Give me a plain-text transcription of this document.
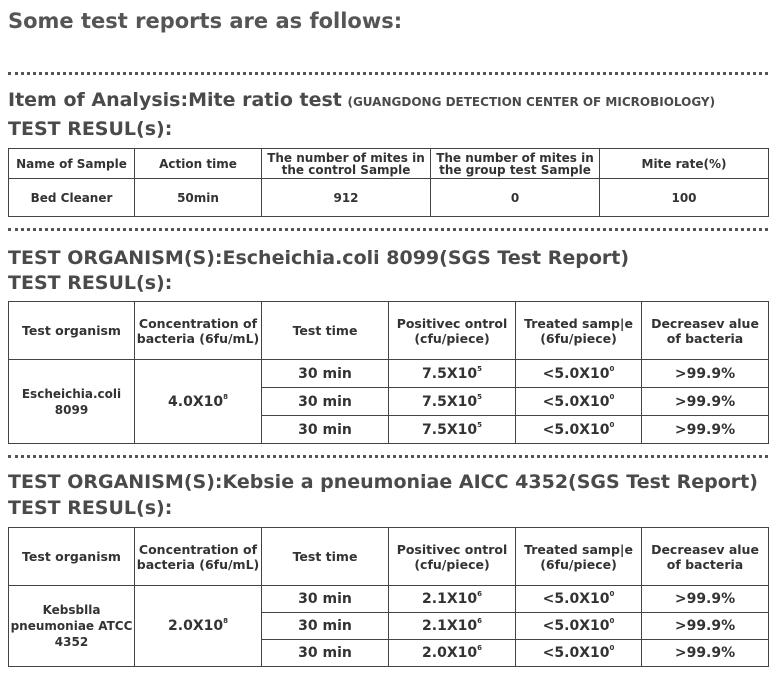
Some test reports are as follows:
Item of Analysis:Mite ratio test (GUANGDONG DETECTION CENTER OF MICROBIOLOGY)
TEST RESUL(s):
Name of Sample	Action time	The number of mites in the control Sample	The number of mites in the group test Sample	Mite rate(%)
Bed Cleaner	50min	912	0	100
TEST ORGANISM(S):Escheichia.coli 8099(SGS Test Report)
TEST RESUL(s):
Test organism	Concentration of bacteria (6fu/mL)	Test time	Positivec ontrol (cfu/piece)	Treated samp|e (6fu/piece)	Decreasev alue of bacteria
Escheichia.coli 8099	$4.0X10^8$	30 min	$7.5X10^5$	$<5.0X10^0$	>99.9%
		30 min	$7.5X10^5$	$<5.0X10^0$	>99.9%
		30 min	$7.5X10^5$	$<5.0X10^0$	>99.9%
TEST ORGANISM(S):Kebsie a pneumoniae AICC 4352(SGS Test Report)
TEST RESUL(s):
Test organism	Concentration of bacteria (6fu/mL)	Test time	Positivec ontrol (cfu/piece)	Treated samp|e (6fu/piece)	Decreasev alue of bacteria
Kebsblla pneumoniae ATCC 4352	$2.0X10^8$	30 min	$2.1X10^6$	$<5.0X10^0$	>99.9%
		30 min	$2.1X10^6$	$<5.0X10^0$	>99.9%
		30 min	$2.0X10^6$	$<5.0X10^0$	>99.9%
